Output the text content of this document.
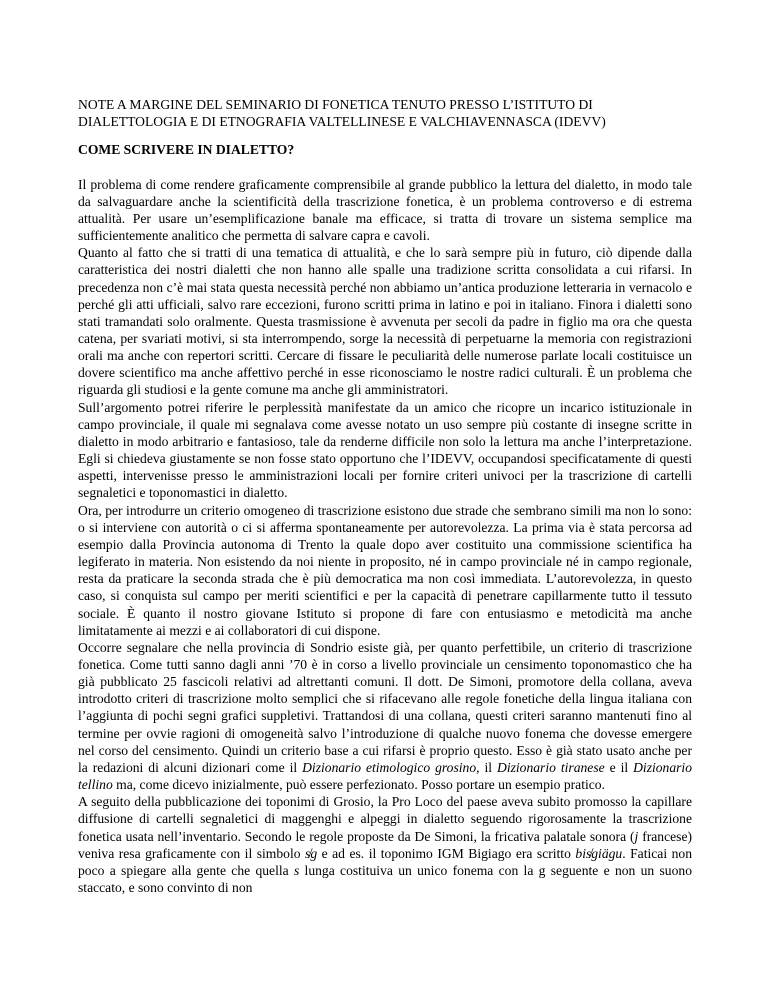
NOTE A MARGINE DEL SEMINARIO DI FONETICA TENUTO PRESSO L’ISTITUTO DI DIALETTOLOGIA E DI ETNOGRAFIA VALTELLINESE E VALCHIAVENNASCA (IDEVV)

COME SCRIVERE IN DIALETTO?

Il problema di come rendere graficamente comprensibile al grande pubblico la lettura del dialetto, in modo tale da salvaguardare anche la scientificità della trascrizione fonetica, è un problema controverso e di estrema attualità. Per usare un’esemplificazione banale ma efficace, si tratta di trovare un sistema semplice ma sufficientemente analitico che permetta di salvare capra e cavoli.

Quanto al fatto che si tratti di una tematica di attualità, e che lo sarà sempre più in futuro, ciò dipende dalla caratteristica dei nostri dialetti che non hanno alle spalle una tradizione scritta consolidata a cui rifarsi. In precedenza non c’è mai stata questa necessità perché non abbiamo un’antica produzione letteraria in vernacolo e perché gli atti ufficiali, salvo rare eccezioni, furono scritti prima in latino e poi in italiano. Finora i dialetti sono stati tramandati solo oralmente. Questa trasmissione è avvenuta per secoli da padre in figlio ma ora che questa catena, per svariati motivi, si sta interrompendo, sorge la necessità di perpetuarne la memoria con registrazioni orali ma anche con repertori scritti. Cercare di fissare le peculiarità delle numerose parlate locali costituisce un dovere scientifico ma anche affettivo perché in esse riconosciamo le nostre radici culturali. È un problema che riguarda gli studiosi e la gente comune ma anche gli amministratori.

Sull’argomento potrei riferire le perplessità manifestate da un amico che ricopre un incarico istituzionale in campo provinciale, il quale mi segnalava come avesse notato un uso sempre più costante di insegne scritte in dialetto in modo arbitrario e fantasioso, tale da renderne difficile non solo la lettura ma anche l’interpretazione. Egli si chiedeva giustamente se non fosse stato opportuno che l’IDEVV, occupandosi specificatamente di questi aspetti, intervenisse presso le amministrazioni locali per fornire criteri univoci per la trascrizione di cartelli segnaletici e toponomastici in dialetto.

Ora, per introdurre un criterio omogeneo di trascrizione esistono due strade che sembrano simili ma non lo sono: o si interviene con autorità o ci si afferma spontaneamente per autorevolezza. La prima via è stata percorsa ad esempio dalla Provincia autonoma di Trento la quale dopo aver costituito una commissione scientifica ha legiferato in materia. Non esistendo da noi niente in proposito, né in campo provinciale né in campo regionale, resta da praticare la seconda strada che è più democratica ma non così immediata. L’autorevolezza, in questo caso, si conquista sul campo per meriti scientifici e per la capacità di penetrare capillarmente tutto il tessuto sociale. È quanto il nostro giovane Istituto si propone di fare con entusiasmo e metodicità ma anche limitatamente ai mezzi e ai collaboratori di cui dispone.

Occorre segnalare che nella provincia di Sondrio esiste già, per quanto perfettibile, un criterio di trascrizione fonetica. Come tutti sanno dagli anni ’70 è in corso a livello provinciale un censimento toponomastico che ha già pubblicato 25 fascicoli relativi ad altrettanti comuni. Il dott. De Simoni, promotore della collana, aveva introdotto criteri di trascrizione molto semplici che si rifacevano alle regole fonetiche della lingua italiana con l’aggiunta di pochi segni grafici suppletivi. Trattandosi di una collana, questi criteri saranno mantenuti fino al termine per ovvie ragioni di omogeneità salvo l’introduzione di qualche nuovo fonema che dovesse emergere nel corso del censimento. Quindi un criterio base a cui rifarsi è proprio questo. Esso è già stato usato anche per la redazioni di alcuni dizionari come il Dizionario etimologico grosino, il Dizionario tiranese e il Dizionario tellino ma, come dicevo inizialmente, può essere perfezionato. Posso portare un esempio pratico.

A seguito della pubblicazione dei toponimi di Grosio, la Pro Loco del paese aveva subito promosso la capillare diffusione di cartelli segnaletici di maggenghi e alpeggi in dialetto seguendo rigorosamente la trascrizione fonetica usata nell’inventario. Secondo le regole proposte da De Simoni, la fricativa palatale sonora (j francese) veniva resa graficamente con il simbolo s̸g e ad es. il toponimo IGM Bigiago era scritto bis̸giägu. Faticai non poco a spiegare alla gente che quella s lunga costituiva un unico fonema con la g seguente e non un suono staccato, e sono convinto di non
